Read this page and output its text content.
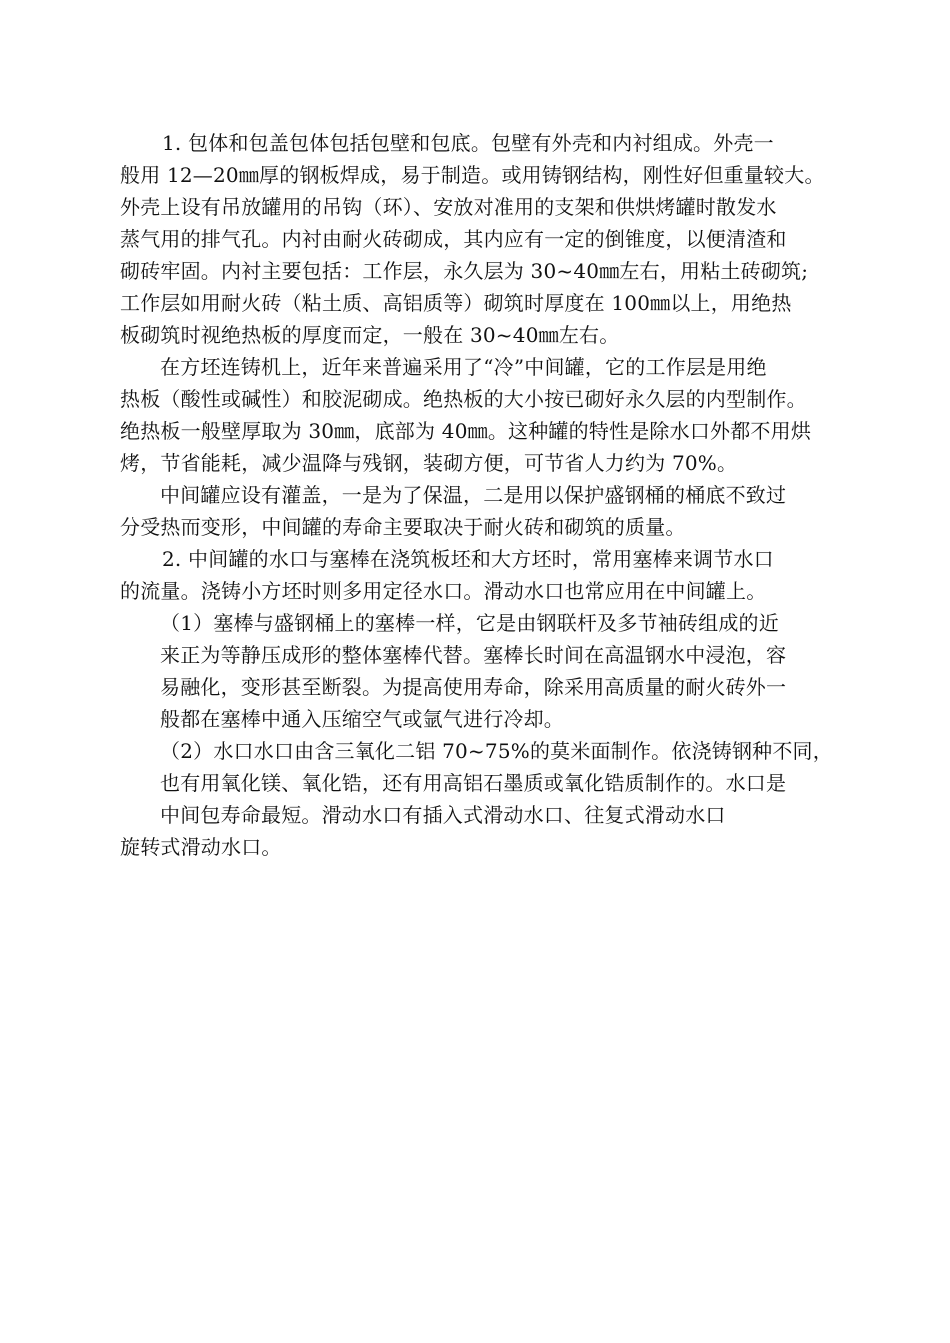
1. 包体和包盖包体包括包壁和包底。包壁有外壳和内衬组成。外壳一
般用 12—20㎜厚的钢板焊成，易于制造。或用铸钢结构，刚性好但重量较大。
外壳上设有吊放罐用的吊钩（环）、安放对准用的支架和供烘烤罐时散发水
蒸气用的排气孔。内衬由耐火砖砌成，其内应有一定的倒锥度，以便清渣和
砌砖牢固。内衬主要包括：工作层，永久层为 30~40㎜左右，用粘土砖砌筑;
工作层如用耐火砖（粘土质、高铝质等）砌筑时厚度在 100㎜以上，用绝热
板砌筑时视绝热板的厚度而定，一般在 30~40㎜左右。
在方坯连铸机上，近年来普遍采用了“冷”中间罐，它的工作层是用绝
热板（酸性或碱性）和胶泥砌成。绝热板的大小按已砌好永久层的内型制作。
绝热板一般壁厚取为 30㎜，底部为 40㎜。这种罐的特性是除水口外都不用烘
烤，节省能耗，减少温降与残钢，装砌方便，可节省人力约为 70%。
中间罐应设有灌盖，一是为了保温，二是用以保护盛钢桶的桶底不致过
分受热而变形，中间罐的寿命主要取决于耐火砖和砌筑的质量。
2. 中间罐的水口与塞棒在浇筑板坯和大方坯时，常用塞棒来调节水口
的流量。浇铸小方坯时则多用定径水口。滑动水口也常应用在中间罐上。
（1）塞棒与盛钢桶上的塞棒一样，它是由钢联杆及多节袖砖组成的近
来正为等静压成形的整体塞棒代替。塞棒长时间在高温钢水中浸泡，容
易融化，变形甚至断裂。为提高使用寿命，除采用高质量的耐火砖外一
般都在塞棒中通入压缩空气或氩气进行冷却。
（2）水口水口由含三氧化二铝 70~75%的莫米面制作。依浇铸钢种不同，
也有用氧化镁、氧化锆，还有用高铝石墨质或氧化锆质制作的。水口是
中间包寿命最短。滑动水口有插入式滑动水口、往复式滑动水口
旋转式滑动水口。
